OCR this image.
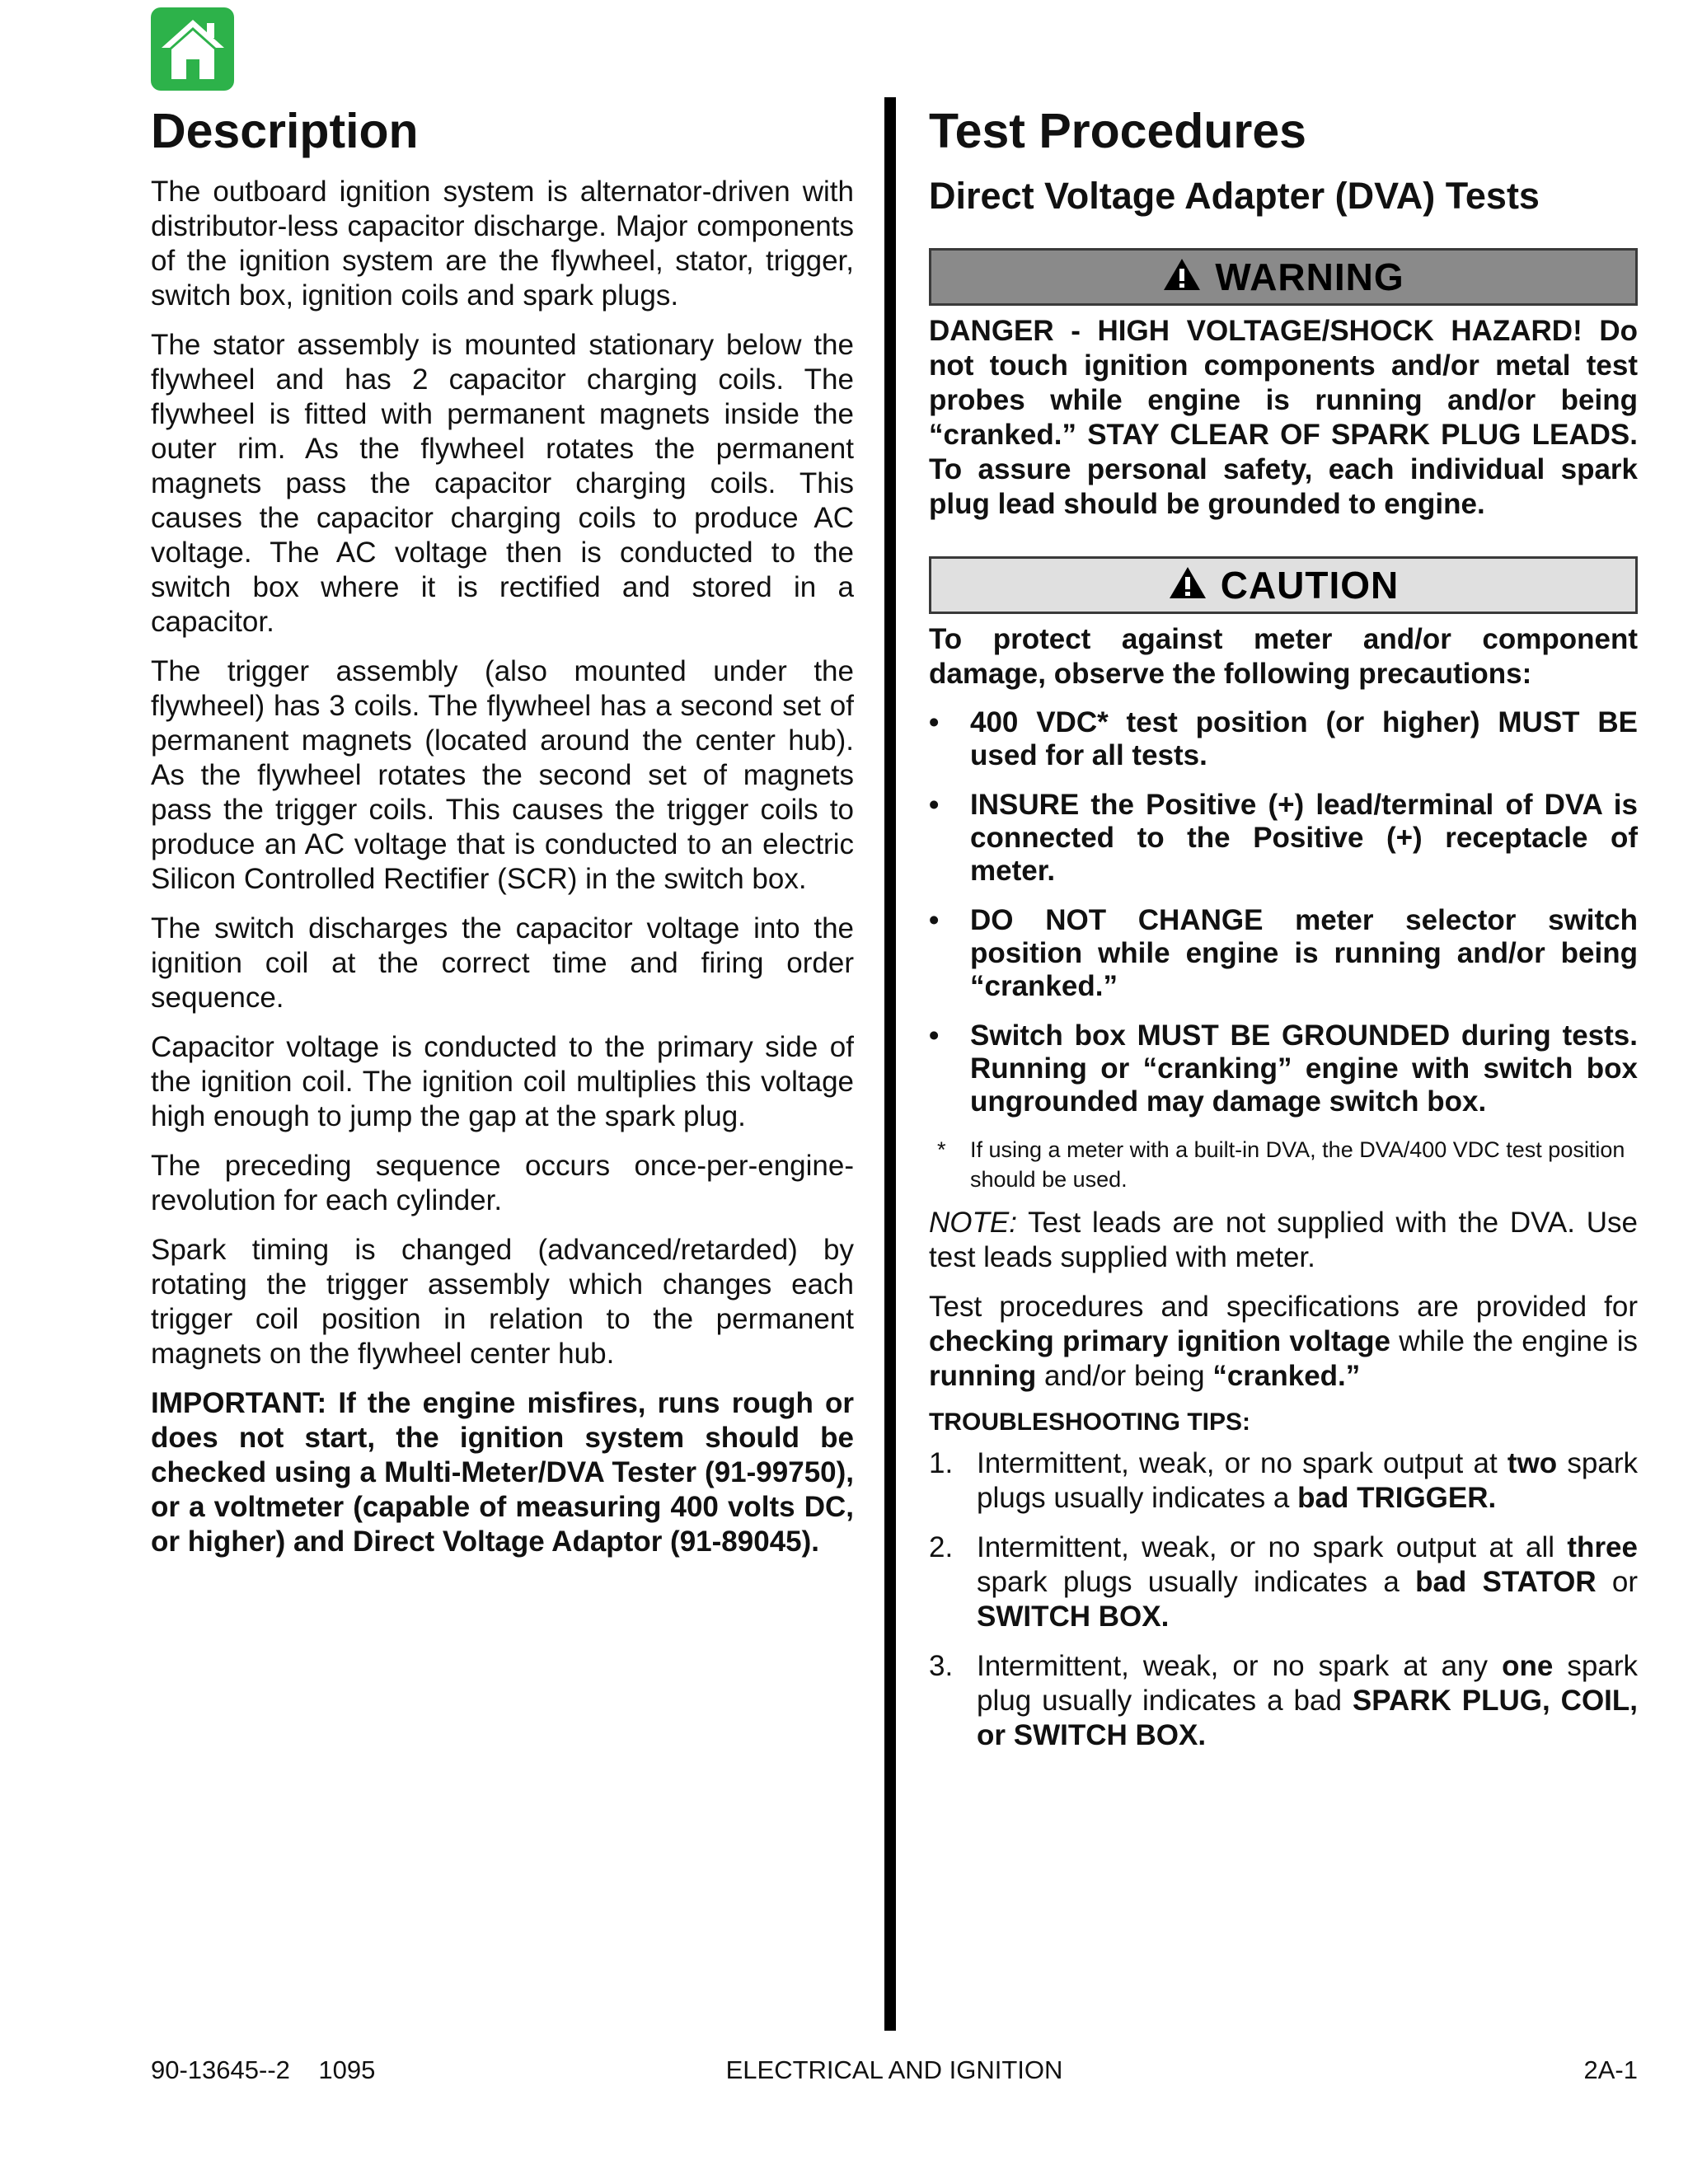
Description

The outboard ignition system is alternator-driven with distributor-less capacitor discharge. Major components of the ignition system are the flywheel, stator, trigger, switch box, ignition coils and spark plugs.

The stator assembly is mounted stationary below the flywheel and has 2 capacitor charging coils. The flywheel is fitted with permanent magnets inside the outer rim. As the flywheel rotates the permanent magnets pass the capacitor charging coils. This causes the capacitor charging coils to produce AC voltage. The AC voltage then is conducted to the switch box where it is rectified and stored in a capacitor.

The trigger assembly (also mounted under the flywheel) has 3 coils. The flywheel has a second set of permanent magnets (located around the center hub). As the flywheel rotates the second set of magnets pass the trigger coils. This causes the trigger coils to produce an AC voltage that is conducted to an electric Silicon Controlled Rectifier (SCR) in the switch box.

The switch discharges the capacitor voltage into the ignition coil at the correct time and firing order sequence.

Capacitor voltage is conducted to the primary side of the ignition coil. The ignition coil multiplies this voltage high enough to jump the gap at the spark plug.

The preceding sequence occurs once-per-engine-revolution for each cylinder.

Spark timing is changed (advanced/retarded) by rotating the trigger assembly which changes each trigger coil position in relation to the permanent magnets on the flywheel center hub.

IMPORTANT: If the engine misfires, runs rough or does not start, the ignition system should be checked using a Multi-Meter/DVA Tester (91-99750), or a voltmeter (capable of measuring 400 volts DC, or higher) and Direct Voltage Adaptor (91-89045).

Test Procedures
Direct Voltage Adapter (DVA) Tests
WARNING

DANGER - HIGH VOLTAGE/SHOCK HAZARD! Do not touch ignition components and/or metal test probes while engine is running and/or being “cranked.” STAY CLEAR OF SPARK PLUG LEADS. To assure personal safety, each individual spark plug lead should be grounded to engine.

CAUTION

To protect against meter and/or component damage, observe the following precautions:

• 400 VDC* test position (or higher) MUST BE used for all tests.
• INSURE the Positive (+) lead/terminal of DVA is connected to the Positive (+) receptacle of meter.
• DO NOT CHANGE meter selector switch position while engine is running and/or being “cranked.”
• Switch box MUST BE GROUNDED during tests. Running or “cranking” engine with switch box ungrounded may damage switch box.
* If using a meter with a built-in DVA, the DVA/400 VDC test position should be used.

NOTE: Test leads are not supplied with the DVA. Use test leads supplied with meter.

Test procedures and specifications are provided for checking primary ignition voltage while the engine is running and/or being “cranked.”

TROUBLESHOOTING TIPS:
1. Intermittent, weak, or no spark output at two spark plugs usually indicates a bad TRIGGER.
2. Intermittent, weak, or no spark output at all three spark plugs usually indicates a bad STATOR or SWITCH BOX.
3. Intermittent, weak, or no spark at any one spark plug usually indicates a bad SPARK PLUG, COIL, or SWITCH BOX.
90-13645--2    1095	ELECTRICAL AND IGNITION	2A-1
